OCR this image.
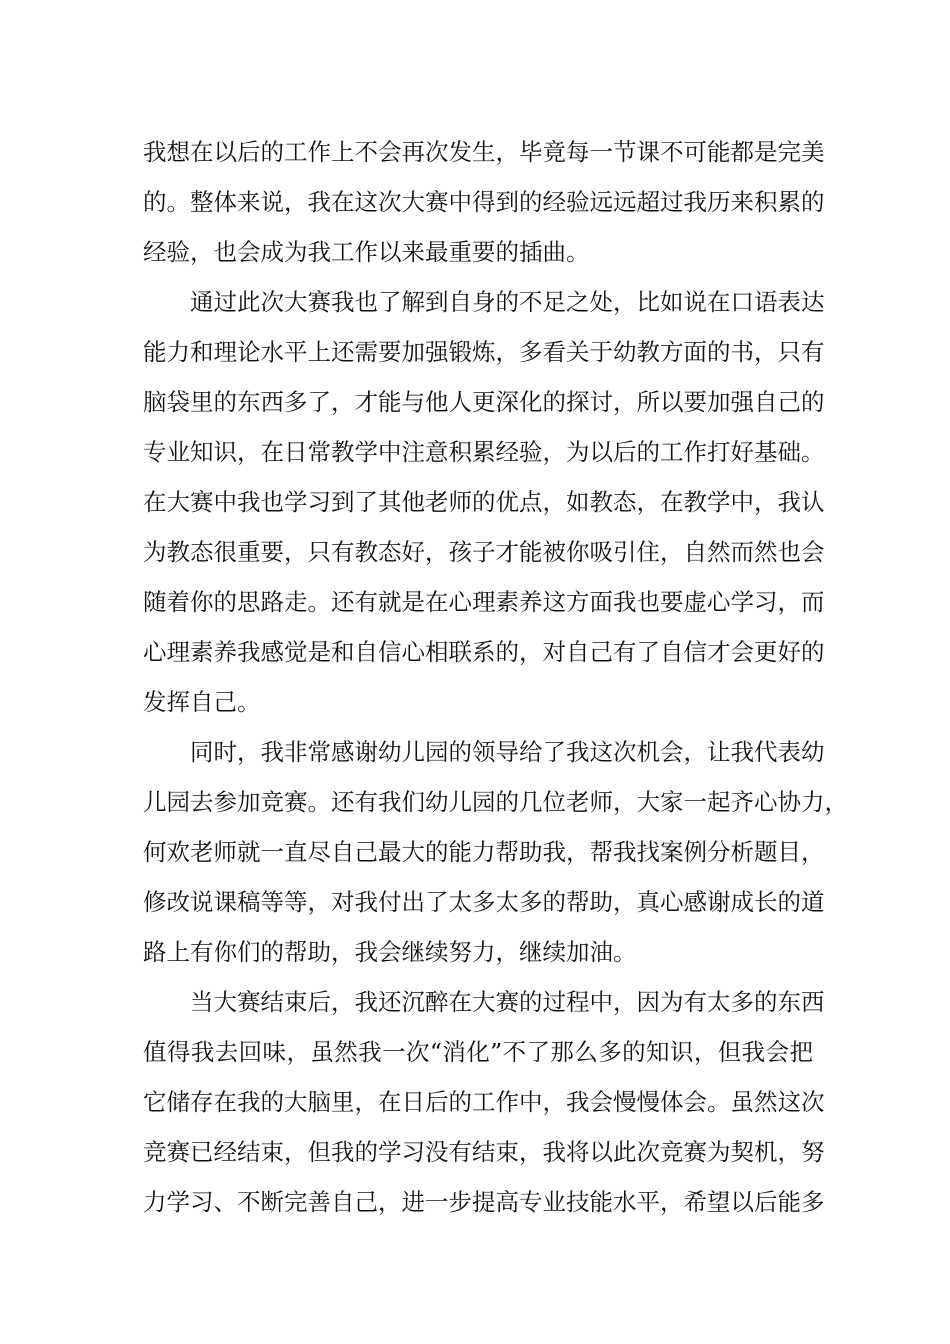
我想在以后的工作上不会再次发生，毕竟每一节课不可能都是完美
的。整体来说，我在这次大赛中得到的经验远远超过我历来积累的
经验，也会成为我工作以来最重要的插曲。
通过此次大赛我也了解到自身的不足之处，比如说在口语表达
能力和理论水平上还需要加强锻炼，多看关于幼教方面的书，只有
脑袋里的东西多了，才能与他人更深化的探讨，所以要加强自己的
专业知识，在日常教学中注意积累经验，为以后的工作打好基础。
在大赛中我也学习到了其他老师的优点，如教态，在教学中，我认
为教态很重要，只有教态好，孩子才能被你吸引住，自然而然也会
随着你的思路走。还有就是在心理素养这方面我也要虚心学习，而
心理素养我感觉是和自信心相联系的，对自己有了自信才会更好的
发挥自己。
同时，我非常感谢幼儿园的领导给了我这次机会，让我代表幼
儿园去参加竞赛。还有我们幼儿园的几位老师，大家一起齐心协力，
何欢老师就一直尽自己最大的能力帮助我，帮我找案例分析题目，
修改说课稿等等，对我付出了太多太多的帮助，真心感谢成长的道
路上有你们的帮助，我会继续努力，继续加油。
当大赛结束后，我还沉醉在大赛的过程中，因为有太多的东西
值得我去回味，虽然我一次“消化”不了那么多的知识，但我会把
它储存在我的大脑里，在日后的工作中，我会慢慢体会。虽然这次
竞赛已经结束，但我的学习没有结束，我将以此次竞赛为契机，努
力学习、不断完善自己，进一步提高专业技能水平，希望以后能多
